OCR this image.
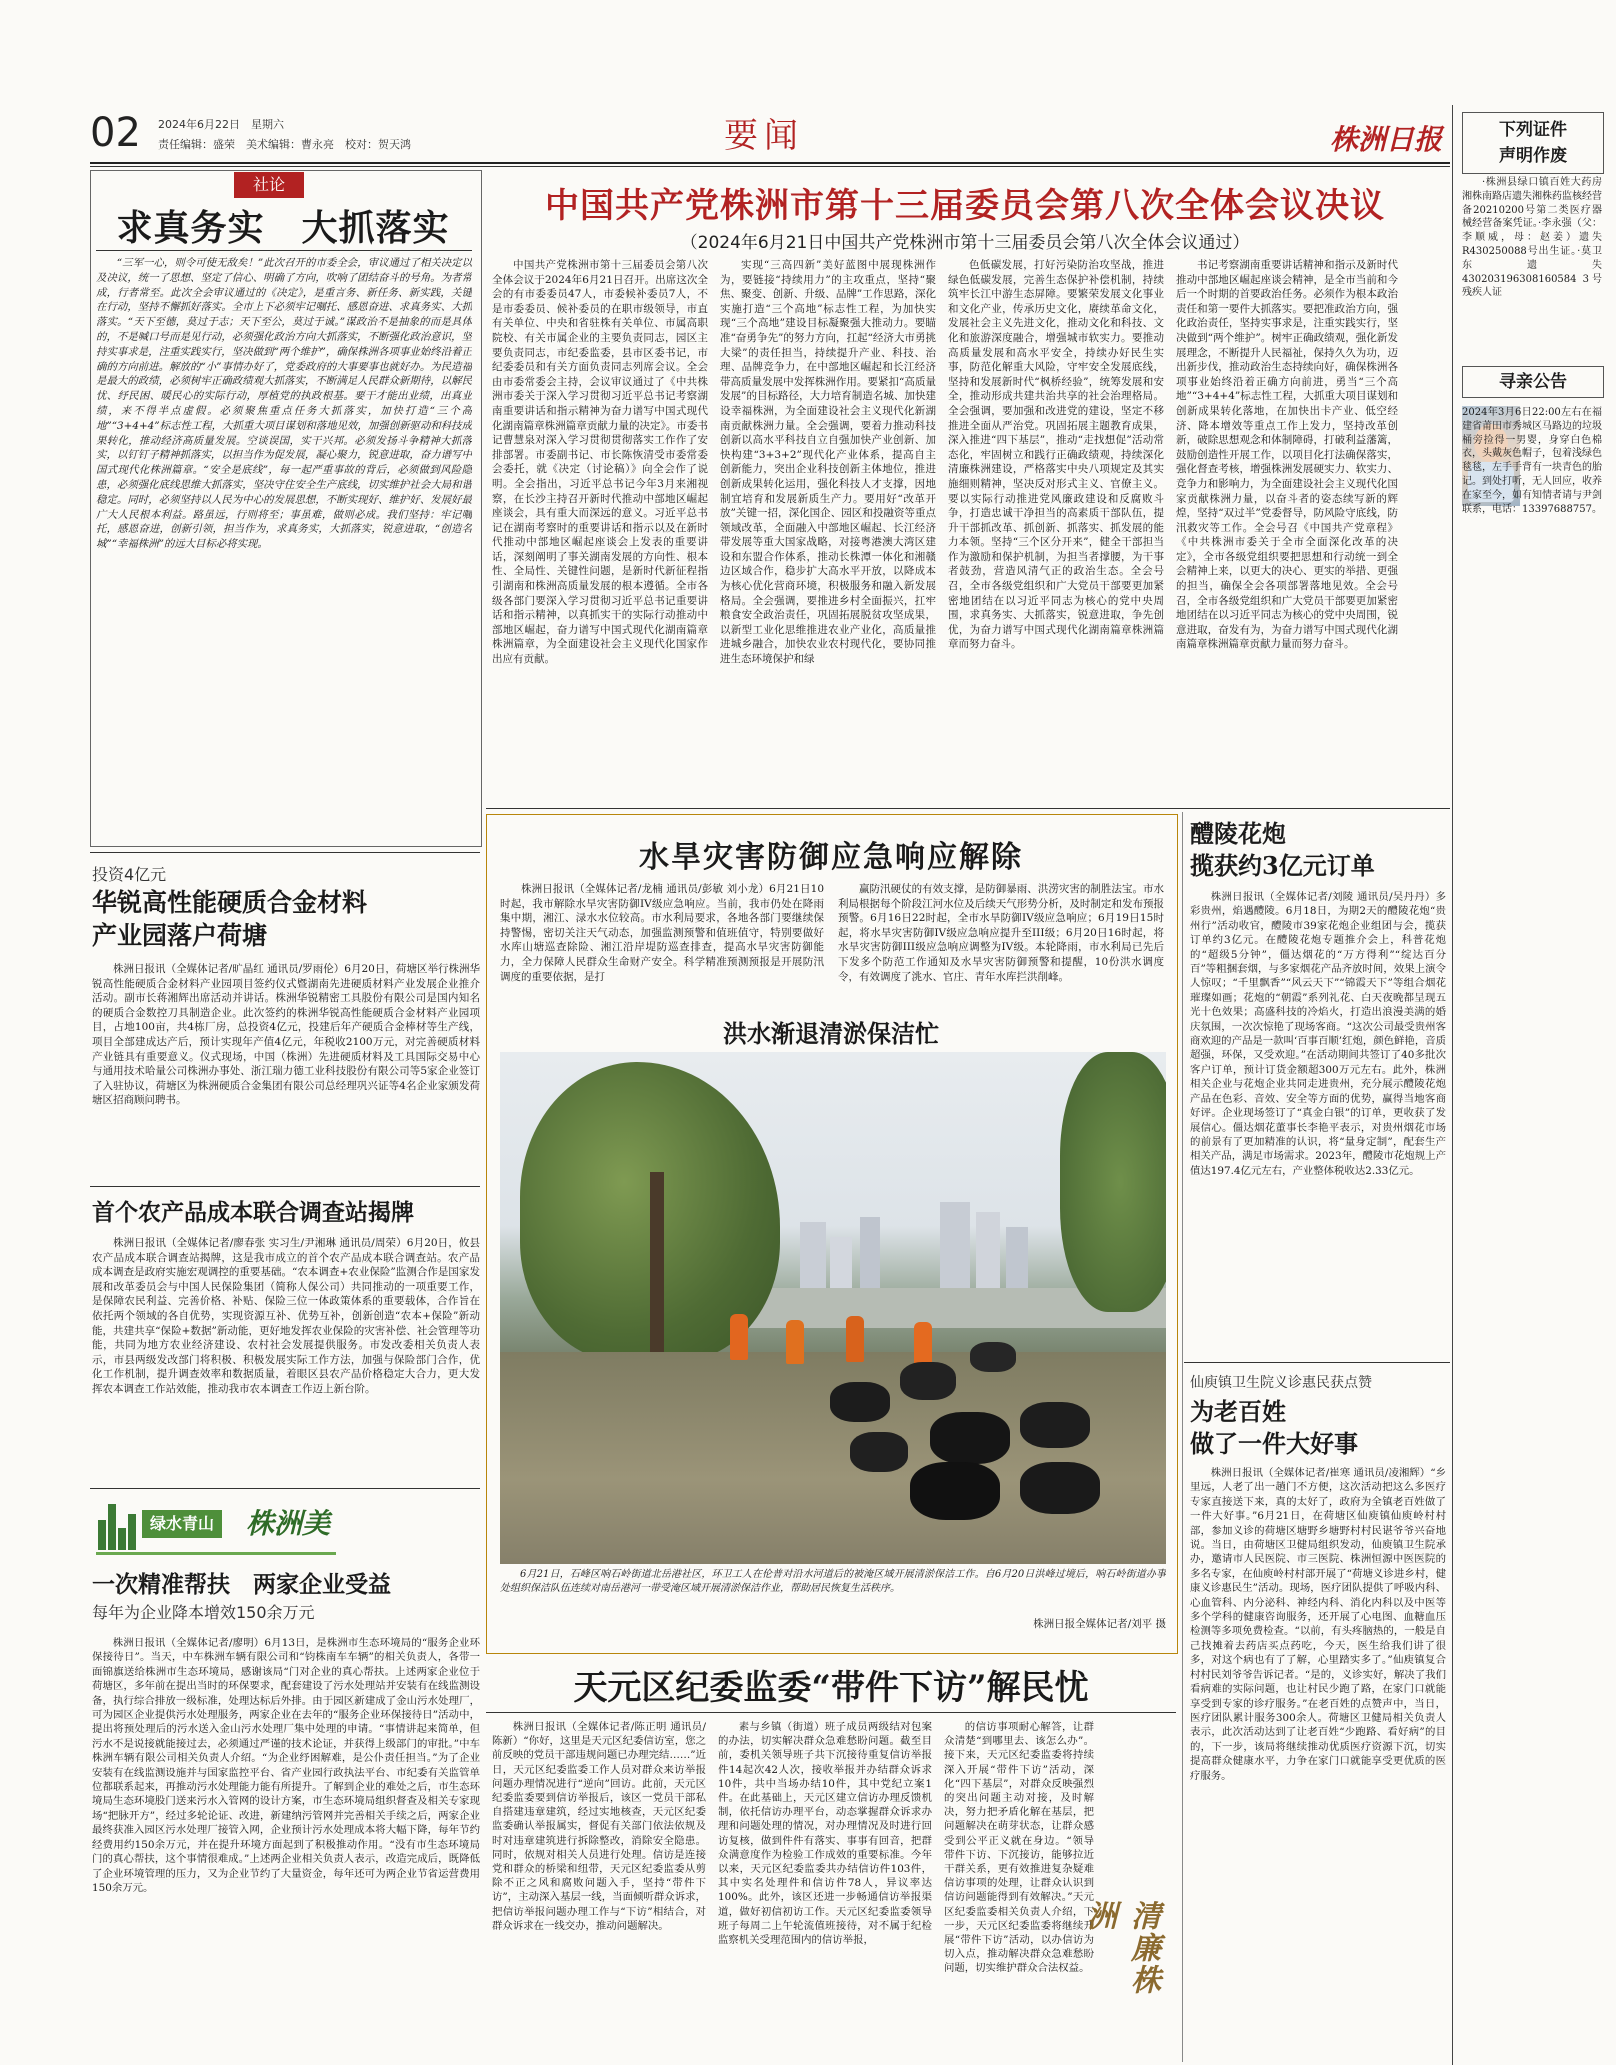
02 2024年6月22日　星期六
责任编辑：盛荣　美术编辑：曹永亮　校对：贺天鸿	要闻	株洲日报
社论
求真务实　大抓落实
“三军一心，则令可使无敌矣！”此次召开的市委全会，审议通过了相关决定以及决议，统一了思想、坚定了信心、明确了方向，吹响了团结奋斗的号角。为者常成，行者常至。此次全会审议通过的《决定》，是重言务、新任务、新实践，关键在行动，坚持不懈抓好落实。全市上下必须牢记嘱托、感恩奋进、求真务实、大抓落实。“天下至德，莫过于志；天下至公，莫过于诚。”谋政治不是抽象的而是具体的，不是喊口号而是见行动，必须强化政治方向大抓落实，不断强化政治意识，坚持实事求是，注重实践实行，坚决做到“两个维护”，确保株洲各项事业始终沿着正确的方向前进。解放的“小”事情办好了，党委政府的大事要事也就好办。为民造福是最大的政绩，必须树牢正确政绩观大抓落实，不断满足人民群众新期待，以解民忧、纾民困、暖民心的实际行动，厚植党的执政根基。要干才能出业绩，出真业绩，来不得半点虚假。必须聚焦重点任务大抓落实，加快打造“三个高地”“3+4+4”标志性工程，大抓重大项目谋划和落地见效，加强创新驱动和科技成果转化，推动经济高质量发展。空谈误国，实干兴邦。必须发扬斗争精神大抓落实，以钉钉子精神抓落实，以担当作为促发展，凝心聚力，锐意进取，奋力谱写中国式现代化株洲篇章。“安全是底线”，每一起严重事故的背后，必须做到风险隐患，必须强化底线思维大抓落实，坚决守住安全生产底线，切实维护社会大局和谐稳定。同时，必须坚持以人民为中心的发展思想，不断实现好、维护好、发展好最广大人民根本利益。路虽远，行则将至；事虽难，做则必成。我们坚持：牢记嘱托，感恩奋进，创新引领，担当作为，求真务实，大抓落实，锐意进取，“创造名城”“幸福株洲”的远大目标必将实现。
中国共产党株洲市第十三届委员会第八次全体会议决议
（2024年6月21日中国共产党株洲市第十三届委员会第八次全体会议通过）
中国共产党株洲市第十三届委员会第八次全体会议于2024年6月21日召开。出席这次全会的有市委委员47人，市委候补委员7人，不是市委委员、候补委员的在职市级领导，市直有关单位、中央和省驻株有关单位、市属高职院校、有关市属企业的主要负责同志，园区主要负责同志，市纪委监委，县市区委书记，市纪委委员和有关方面负责同志列席会议。全会由市委常委会主持，会议审议通过了《中共株洲市委关于深入学习贯彻习近平总书记考察湖南重要讲话和指示精神为奋力谱写中国式现代化湖南篇章株洲篇章贡献力量的决定》。市委书记曹慧泉对深入学习贯彻贯彻落实工作作了安排部署。市委副书记、市长陈恢清受市委常委会委托，就《决定（讨论稿）》向全会作了说明。全会指出，习近平总书记今年3月来湘视察，在长沙主持召开新时代推动中部地区崛起座谈会，具有重大而深远的意义。习近平总书记在湖南考察时的重要讲话和指示以及在新时代推动中部地区崛起座谈会上发表的重要讲话，深刻阐明了事关湖南发展的方向性、根本性、全局性、关键性问题，是新时代新征程指引湖南和株洲高质量发展的根本遵循。全市各级各部门要深入学习贯彻习近平总书记重要讲话和指示精神，以真抓实干的实际行动推动中部地区崛起，奋力谱写中国式现代化湖南篇章株洲篇章，为全面建设社会主义现代化国家作出应有贡献。
实现“三高四新”美好蓝图中展现株洲作为，要链接“持续用力”的主攻重点，坚持“聚焦、聚变、创新、升级、品牌”工作思路，深化实施打造“三个高地”标志性工程，为加快实现“三个高地”建设目标凝聚强大推动力。要瞄准“奋勇争先”的努力方向，扛起“经济大市勇挑大梁”的责任担当，持续提升产业、科技、治理、品牌竞争力，在中部地区崛起和长江经济带高质量发展中发挥株洲作用。要紧扣“高质量发展”的目标路径，大力培育制造名城、加快建设幸福株洲，为全面建设社会主义现代化新湖南贡献株洲力量。全会强调，要着力推动科技创新以高水平科技自立自强加快产业创新、加快构建“3+3+2”现代化产业体系，提高自主创新能力，突出企业科技创新主体地位，推进创新成果转化运用，强化科技人才支撑，因地制宜培育和发展新质生产力。要用好“改革开放”关键一招，深化国企、园区和投融资等重点领域改革，全面融入中部地区崛起、长江经济带发展等重大国家战略，对接粤港澳大湾区建设和东盟合作体系，推动长株潭一体化和湘赣边区域合作，稳步扩大高水平开放，以降成本为核心优化营商环境，积极服务和融入新发展格局。全会强调，要推进乡村全面振兴，扛牢粮食安全政治责任，巩固拓展脱贫攻坚成果，以新型工业化思维推进农业产业化，高质量推进城乡融合，加快农业农村现代化，要协同推进生态环境保护和绿
色低碳发展，打好污染防治攻坚战，推进绿色低碳发展，完善生态保护补偿机制，持续筑牢长江中游生态屏障。要繁荣发展文化事业和文化产业，传承历史文化，赓续革命文化，发展社会主义先进文化，推动文化和科技、文化和旅游深度融合，增强城市软实力。要推动高质量发展和高水平安全，持续办好民生实事，防范化解重大风险，守牢安全发展底线，坚持和发展新时代“枫桥经验”，统筹发展和安全，推动形成共建共治共享的社会治理格局。全会强调，要加强和改进党的建设，坚定不移推进全面从严治党。巩固拓展主题教育成果，深入推进“四下基层”，推动“走找想促”活动常态化，牢固树立和践行正确政绩观，持续深化清廉株洲建设，严格落实中央八项规定及其实施细则精神，坚决反对形式主义、官僚主义。要以实际行动推进党风廉政建设和反腐败斗争，打造忠诚干净担当的高素质干部队伍，提升干部抓改革、抓创新、抓落实、抓发展的能力本领。坚持“三个区分开来”，健全干部担当作为激励和保护机制，为担当者撑腰，为干事者鼓劲，营造风清气正的政治生态。全会号召，全市各级党组织和广大党员干部要更加紧密地团结在以习近平同志为核心的党中央周围，求真务实、大抓落实，锐意进取，争先创优，为奋力谱写中国式现代化湖南篇章株洲篇章而努力奋斗。
书记考察湖南重要讲话精神和指示及新时代推动中部地区崛起座谈会精神，是全市当前和今后一个时期的首要政治任务。必须作为根本政治责任和第一要件大抓落实。要把准政治方向，强化政治责任，坚持实事求是，注重实践实行，坚决做到“两个维护”。树牢正确政绩观，强化新发展理念，不断提升人民福祉，保持久久为功，迈出新步伐，推动政治生态持续向好，确保株洲各项事业始终沿着正确方向前进，勇当“三个高地”“3+4+4”标志性工程，大抓重大项目谋划和创新成果转化落地，在加快出卡产业、低空经济、降本增效等重点工作上发力，坚持改革创新，破除思想观念和体制障碍，打破利益藩篱，鼓励创造性开展工作，以项目化打法确保落实，强化督查考核，增强株洲发展硬实力、软实力、竞争力和影响力，为全面建设社会主义现代化国家贡献株洲力量，以奋斗者的姿态续写新的辉煌，坚持“双过半”党委督导，防风险守底线，防汛救灾等工作。全会号召《中国共产党章程》《中共株洲市委关于全市全面深化改革的决定》，全市各级党组织要把思想和行动统一到全会精神上来，以更大的决心、更实的举措、更强的担当，确保全会各项部署落地见效。全会号召，全市各级党组织和广大党员干部要更加紧密地团结在以习近平同志为核心的党中央周围，锐意进取，奋发有为，为奋力谱写中国式现代化湖南篇章株洲篇章贡献力量而努力奋斗。
下列证件
声明作废
·株洲县绿口镇百姓大药房湘株南路店遗失湘株药监核经营备20210200号第二类医疗器械经营备案凭证。·李永强（父：李顺威，母：赵姜）遗失R430250088号出生证。·莫卫东遗失430203196308160584 3号残疾人证
寻亲公告
2024年3月6日22:00左右在福建省莆田市秀城区马路边的垃圾桶旁捡得一男婴，身穿白色棉衣，头戴灰色帽子，包着浅绿色毯毯，左手手背有一块青色的胎记。到处打听，无人回应，收养在家至今，如有知情者请与尹剑联系，电话：13397688757。
投资4亿元
华锐高性能硬质合金材料
产业园落户荷塘
株洲日报讯（全媒体记者/旷晶红 通讯员/罗雨伦）6月20日，荷塘区举行株洲华锐高性能硬质合金材料产业园项目签约仪式暨湖南先进硬质材料产业发展企业推介活动。副市长蒋湘辉出席活动并讲话。株洲华锐精密工具股份有限公司是国内知名的硬质合金数控刀具制造企业。此次签约的株洲华锐高性能硬质合金材料产业园项目，占地100亩，共4栋厂房，总投资4亿元，投建后年产硬质合金棒材等生产线，项目全部建成达产后，预计实现年产值4亿元，年税收2100万元，对完善硬质材料产业链具有重要意义。仪式现场，中国（株洲）先进硬质材料及工具国际交易中心与通用技术哈量公司株洲办事处、浙江瑞力德工业科技股份有限公司等5家企业签订了入驻协议，荷塘区为株洲硬质合金集团有限公司总经理巩兴证等4名企业家颁发荷塘区招商顾问聘书。
首个农产品成本联合调查站揭牌
株洲日报讯（全媒体记者/廖春张 实习生/尹湘琳 通讯员/周荣）6月20日，攸县农产品成本联合调查站揭牌，这是我市成立的首个农产品成本联合调查站。农产品成本调查是政府实施宏观调控的重要基础。“农本调查+农业保险”监测合作是国家发展和改革委员会与中国人民保险集团（简称人保公司）共同推动的一项重要工作，是保障农民利益、完善价格、补贴、保险三位一体政策体系的重要载体，合作旨在依托两个领域的各自优势，实现资源互补、优势互补，创新创造“农本+保险”新动能，共建共享“保险+数据”新动能，更好地发挥农业保险的灾害补偿、社会管理等功能，共同为地方农业经济建设、农村社会发展提供服务。市发改委相关负责人表示，市县两级发改部门将积极、积极发展实际工作方法，加强与保险部门合作，优化工作机制，提升调查效率和数据质量，着眼区县农产品价格稳定大合力，更大发挥农本调查工作站效能，推动我市农本调查工作迈上新台阶。
绿水青山 株洲美
一次精准帮扶　两家企业受益
每年为企业降本增效150余万元
株洲日报讯（全媒体记者/廖明）6月13日，是株洲市生态环境局的“服务企业环保接待日”。当天，中车株洲车辆有限公司和“钧株南车车辆”的相关负责人，各带一面锦旗送给株洲市生态环境局，感谢该局“门对企业的真心帮扶。上述两家企业位于荷塘区，多年前在提出当时的环保要求，配套建设了污水处理站并安装有在线监测设备，执行综合排放一级标准，处理达标后外排。由于园区新建成了金山污水处理厂，可为园区企业提供污水处理服务，两家企业在去年的“服务企业环保接待日”活动中，提出将预处理后的污水送入金山污水处理厂集中处理的申请。“事情讲起来简单，但污水不是说接就能接过去，必须通过严谨的技术论证，并获得上级部门的审批。”中车株洲车辆有限公司相关负责人介绍。“为企业纾困解难，是公仆责任担当。”为了企业安装有在线监测设施并与国家监控平台、省产业园行政执法平台、市纪委有关监管单位都联系起来，再推动污水处理能力能有所提升。了解到企业的难处之后，市生态环境局生态环境股门送来污水入管网的设计方案，市生态环境局组织督查及相关专家现场“把脉开方”，经过多轮论证、改进，新建纳污管网并完善相关手续之后，两家企业最终获准入园区污水处理厂接管入网，企业预计污水处理成本将大幅下降，每年节约经费用约150余万元，并在提升环境方面起到了积极推动作用。“没有市生态环境局门的真心帮扶，这个事情很难成。”上述两企业相关负责人表示，改造完成后，既降低了企业环境管理的压力，又为企业节约了大量资金，每年还可为两企业节省运营费用150余万元。
水旱灾害防御应急响应解除
株洲日报讯（全媒体记者/龙楠 通讯员/彭敏 刘小龙）6月21日10时起，我市解除水旱灾害防御IV级应急响应。当前，我市仍处在降雨集中期，湘江、渌水水位较高。市水利局要求，各地各部门要继续保持警惕，密切关注天气动态，加强监测预警和值班值守，特别要做好水库山塘巡查除险、湘江沿岸堤防巡查排查，提高水旱灾害防御能力，全力保障人民群众生命财产安全。科学精准预测预报是开展防汛调度的重要依据，是打
赢防汛硬仗的有效支撑，是防御暴雨、洪涝灾害的制胜法宝。市水利局根据每个阶段江河水位及后续天气形势分析，及时制定和发布预报预警。6月16日22时起，全市水旱防御IV级应急响应；6月19日15时起，将水旱灾害防御IV级应急响应提升至III级；6月20日16时起，将水旱灾害防御III级应急响应调整为IV级。本轮降雨，市水利局已先后下发多个防范工作通知及水旱灾害防御预警和提醒，10份洪水调度令，有效调度了洮水、官庄、青年水库拦洪削峰。
洪水渐退清淤保洁忙
6月21日，石峰区响石岭街道北岳港社区，环卫工人在伦普对沿水河道后的被淹区域开展清淤保洁工作。自6月20日洪峰过境后，响石岭街道办事处组织保洁队伍连续对南岳港河一带受淹区域开展清淤保洁作业，帮助居民恢复生活秩序。
株洲日报全媒体记者/刘平 摄
天元区纪委监委“带件下访”解民忧
株洲日报讯（全媒体记者/陈正明 通讯员/陈新）“你好，这里是天元区纪委信访室，您之前反映的党员干部违规问题已办理完结……”近日，天元区纪委监委工作人员对群众来访举报问题办理情况进行“逆向”回访。此前，天元区纪委监委要到信访举报后，该区一党员干部私自搭建违章建筑，经过实地核查，天元区纪委监委确认举报属实，督促有关部门依法依规及时对违章建筑进行拆除整改，消除安全隐患。同时，依规对相关人员进行处理。信访是连接党和群众的桥梁和纽带，天元区纪委监委从剪除不正之风和腐败问题入手，坚持“带件下访”，主动深入基层一线，当面倾听群众诉求，把信访举报问题办理工作与“下访”相结合，对群众诉求在一线交办，推动问题解决。
素与乡镇（街道）班子成员两级结对包案的办法，切实解决群众急难愁盼问题。截至目前，委机关领导班子共下沉接待重复信访举报件14起次42人次，接收举报并办结群众诉求10件，共中当场办结10件，其中党纪立案1件。在此基础上，天元区建立信访办理反馈机制，依托信访办理平台，动态掌握群众诉求办理和问题处理的情况，对办理情况及时进行回访复核，做到件件有落实、事事有回音，把群众满意度作为检验工作成效的重要标准。今年以来，天元区纪委监委共办结信访件103件，其中实名处理件和信访件78人，异议率达100%。此外，该区还进一步畅通信访举报渠道，做好初信初访工作。天元区纪委监委领导班子每周二上午轮流值班接待，对不属于纪检监察机关受理范围内的信访举报，
的信访事项耐心解答，让群众清楚“到哪里去、该怎么办”。接下来，天元区纪委监委将持续深入开展“带件下访”活动，深化“四下基层”，对群众反映强烈的突出问题主动对接，及时解决，努力把矛盾化解在基层，把问题解决在萌芽状态，让群众感受到公平正义就在身边。“领导带件下访、下沉接访，能够拉近干群关系，更有效推进复杂疑难信访事项的处理，让群众认识到信访问题能得到有效解决。”天元区纪委监委相关负责人介绍，下一步，天元区纪委监委将继续开展“带件下访”活动，以办信访为切入点，推动解决群众急难愁盼问题，切实维护群众合法权益。	清廉株洲
醴陵花炮
揽获约3亿元订单
株洲日报讯（全媒体记者/刘陵 通讯员/吴丹丹）多彩贵州，焰遇醴陵。6月18日，为期2天的醴陵花炮“贵州行”活动收官，醴陵市39家花炮企业组团与会，揽获订单约3亿元。在醴陵花炮专题推介会上，科普花炮的“超级5分钟”，僵达烟花的“万方得利”“绽达百分百”等粗捆套烟，与多家烟花产品齐放时间，效果上演令人惊叹；“千里飘香”“风云天下”“锦霞天下”等组合烟花璀璨如画；花炮的“朝霞”系列礼花、白天夜晚都呈现五光十色效果；高盛科技的冷焰火，打造出浪漫美满的婚庆氛围，一次次惊艳了现场客商。“这次公司最受贵州客商欢迎的产品是一款叫‘百事百顺’红炮，颜色鲜艳，音质超强，环保，又受欢迎。”在活动期间共签订了40多批次客户订单，预计订货金额超300万元左右。此外，株洲相关企业与花炮企业共同走进贵州，充分展示醴陵花炮产品在色彩、音效、安全等方面的优势，赢得当地客商好评。企业现场签订了“真金白银”的订单，更收获了发展信心。僵达烟花董事长李艳平表示，对贵州烟花市场的前景有了更加精准的认识，将“量身定制”，配套生产相关产品，满足市场需求。2023年，醴陵市花炮规上产值达197.4亿元左右，产业整体税收达2.33亿元。
仙庾镇卫生院义诊惠民获点赞
为老百姓
做了一件大好事
株洲日报讯（全媒体记者/崔寒 通讯员/凌湘辉）“乡里远，人老了出一趟门不方便，这次活动把这么多医疗专家直接送下来，真的太好了，政府为全镇老百姓做了一件大好事。”6月21日，在荷塘区仙庾镇仙庾岭村村部，参加义诊的荷塘区塘野乡塘野村村民谌爷爷兴奋地说。当日，由荷塘区卫健局组织发动，仙庾镇卫生院承办，邀请市人民医院、市三医院、株洲恒源中医医院的多名专家，在仙庾岭村村部开展了“荷塘义诊进乡村，健康义诊惠民生”活动。现场，医疗团队提供了呼吸内科、心血管科、内分泌科、神经内科、消化内科以及中医等多个学科的健康咨询服务，还开展了心电图、血糖血压检测等多项免费检查。“以前，有头疼脑热的，一般是自己找摊着去药店买点药吃，今天，医生给我们讲了很多，对这个病也有了了解，心里踏实多了。”仙庾镇复合村村民刘爷爷告诉记者。“是的，义诊实好，解决了我们看病难的实际问题，也让村民少跑了路，在家门口就能享受到专家的诊疗服务。”在老百姓的点赞声中，当日，医疗团队累计服务300余人。荷塘区卫健局相关负责人表示，此次活动达到了让老百姓“少跑路、看好病”的目的，下一步，该局将继续推动优质医疗资源下沉，切实提高群众健康水平，力争在家门口就能享受更优质的医疗服务。
